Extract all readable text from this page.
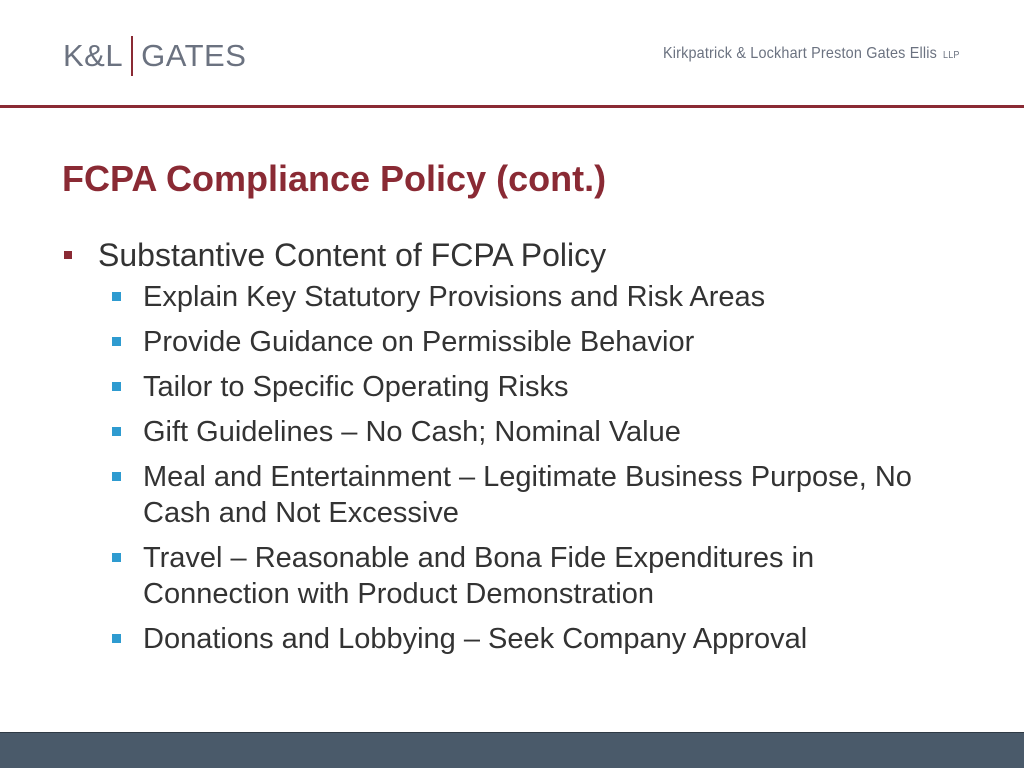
K&L GATES	Kirkpatrick & Lockhart Preston Gates Ellis LLP
FCPA Compliance Policy (cont.)
Substantive Content of FCPA Policy
Explain Key Statutory Provisions and Risk Areas
Provide Guidance on Permissible Behavior
Tailor to Specific Operating Risks
Gift Guidelines – No Cash; Nominal Value
Meal and Entertainment – Legitimate Business Purpose, No Cash and Not Excessive
Travel – Reasonable and Bona Fide Expenditures in Connection with Product Demonstration
Donations and Lobbying – Seek Company Approval
